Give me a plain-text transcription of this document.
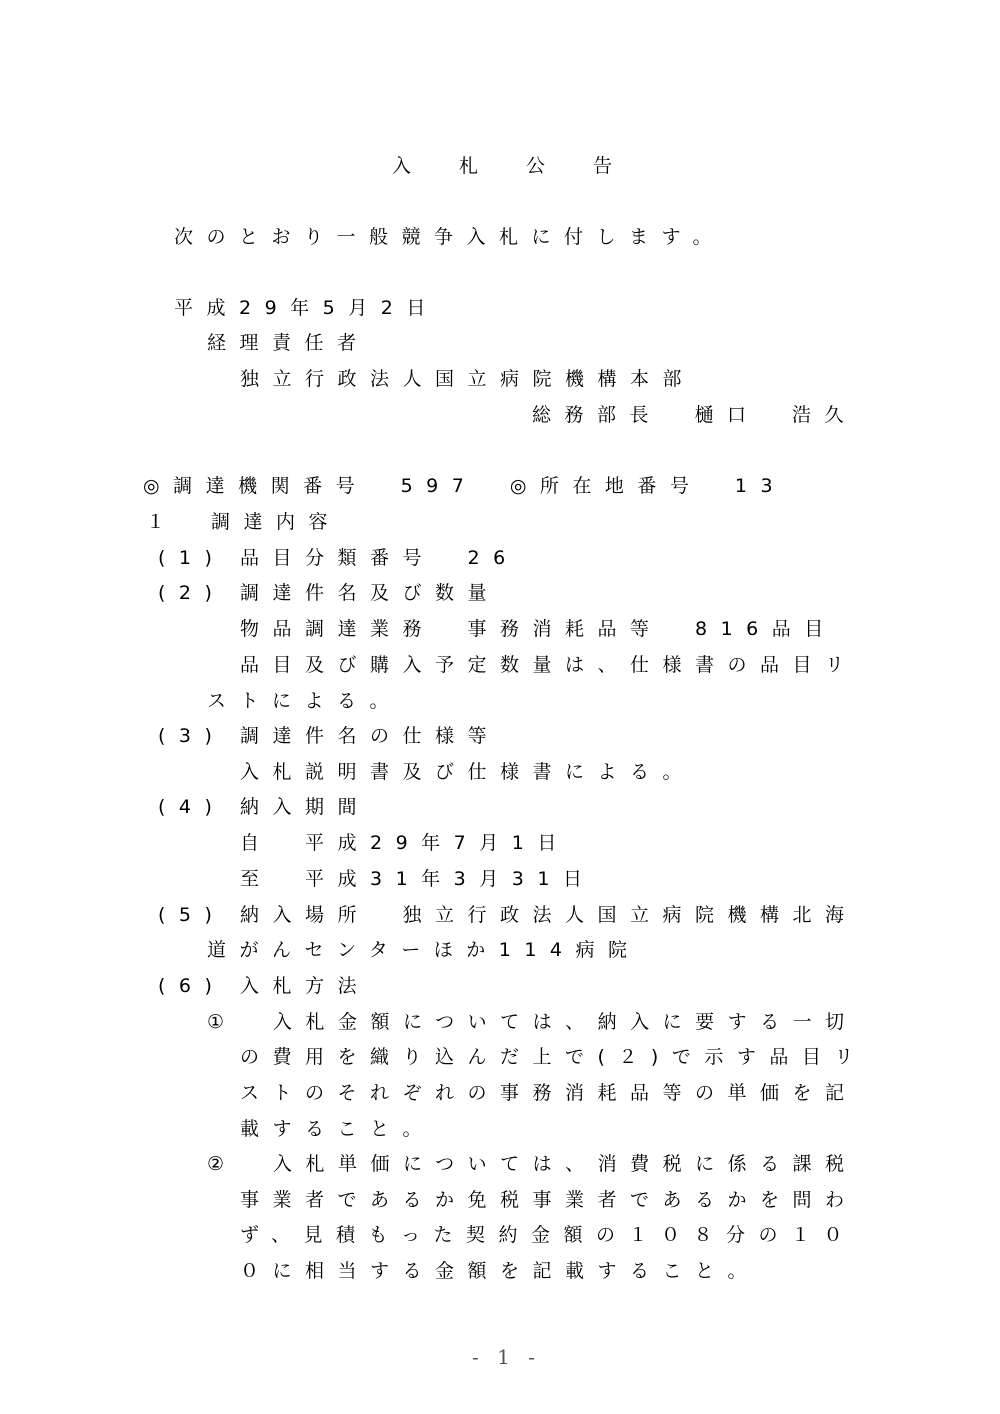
入札公告
次のとおり一般競争入札に付します。
平成29年5月2日
経理責任者
独立行政法人国立病院機構本部
総務部長　樋口　浩久
◎調達機関番号　597　◎所在地番号　13
１　調達内容
(1) 品目分類番号　26
(2) 調達件名及び数量
物品調達業務　事務消耗品等　816品目
品目及び購入予定数量は、仕様書の品目リ
ストによる。
(3) 調達件名の仕様等
入札説明書及び仕様書による。
(4) 納入期間
自　平成29年7月1日
至　平成31年3月31日
(5) 納入場所　独立行政法人国立病院機構北海
道がんセンターほか114病院
(6) 入札方法
① 入札金額については、納入に要する一切
の費用を織り込んだ上で(２)で示す品目リ
ストのそれぞれの事務消耗品等の単価を記
載すること。
② 入札単価については、消費税に係る課税
事業者であるか免税事業者であるかを問わ
ず、見積もった契約金額の１０８分の１０
０に相当する金額を記載すること。
- 1 -
